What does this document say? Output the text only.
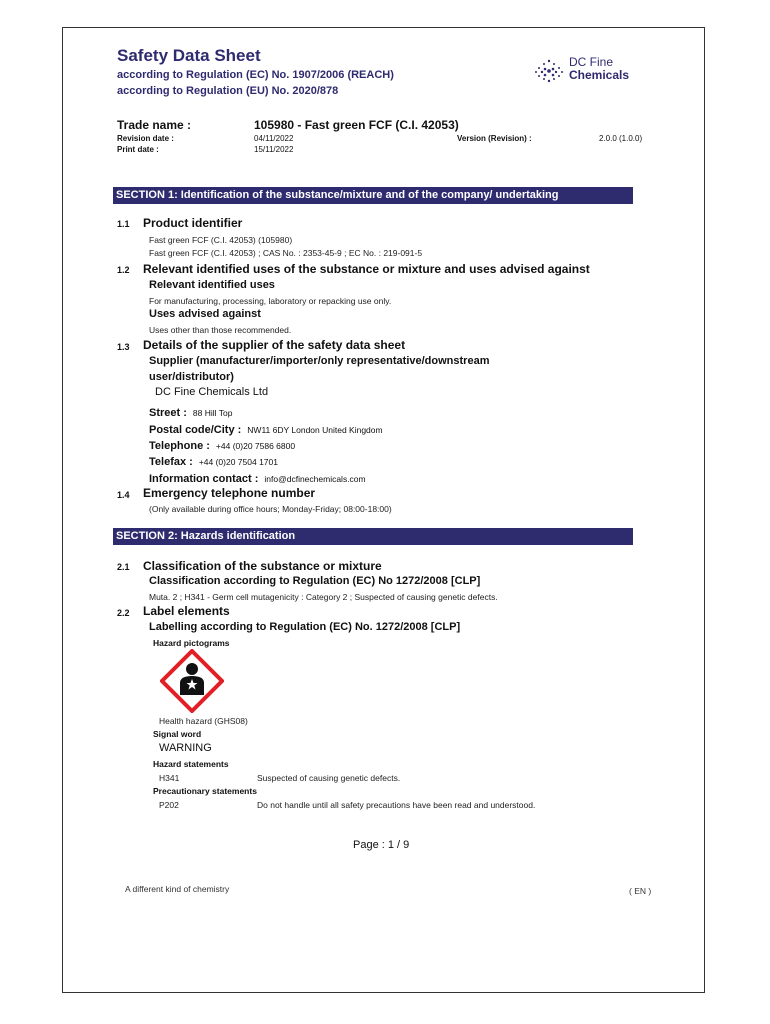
Safety Data Sheet
according to Regulation (EC) No. 1907/2006 (REACH)
according to Regulation (EU) No. 2020/878
DC Fine
Chemicals
Trade name :	105980 - Fast green FCF (C.I. 42053)
Revision date :	04/11/2022
Print date :	15/11/2022
Version (Revision) :	2.0.0 (1.0.0)
SECTION 1: Identification of the substance/mixture and of the company/ undertaking
1.1 Product identifier
Fast green FCF (C.I. 42053) (105980)
Fast green FCF (C.I. 42053) ; CAS No. : 2353-45-9 ; EC No. : 219-091-5
1.2 Relevant identified uses of the substance or mixture and uses advised against
Relevant identified uses
For manufacturing, processing, laboratory or repacking use only.
Uses advised against
Uses other than those recommended.
1.3 Details of the supplier of the safety data sheet
Supplier (manufacturer/importer/only representative/downstream
user/distributor)
DC Fine Chemicals Ltd
Street : 88 Hill Top
Postal code/City : NW11 6DY London United Kingdom
Telephone : +44 (0)20 7586 6800
Telefax : +44 (0)20 7504 1701
Information contact : info@dcfinechemicals.com
1.4 Emergency telephone number
(Only available during office hours; Monday-Friday; 08:00-18:00)
SECTION 2: Hazards identification
2.1 Classification of the substance or mixture
Classification according to Regulation (EC) No 1272/2008 [CLP]
Muta. 2 ; H341 - Germ cell mutagenicity : Category 2 ; Suspected of causing genetic defects.
2.2 Label elements
Labelling according to Regulation (EC) No. 1272/2008 [CLP]
Hazard pictograms
Health hazard (GHS08)
Signal word
WARNING
Hazard statements
H341	Suspected of causing genetic defects.
Precautionary statements
P202	Do not handle until all safety precautions have been read and understood.
Page : 1 / 9
A different kind of chemistry	( EN )
